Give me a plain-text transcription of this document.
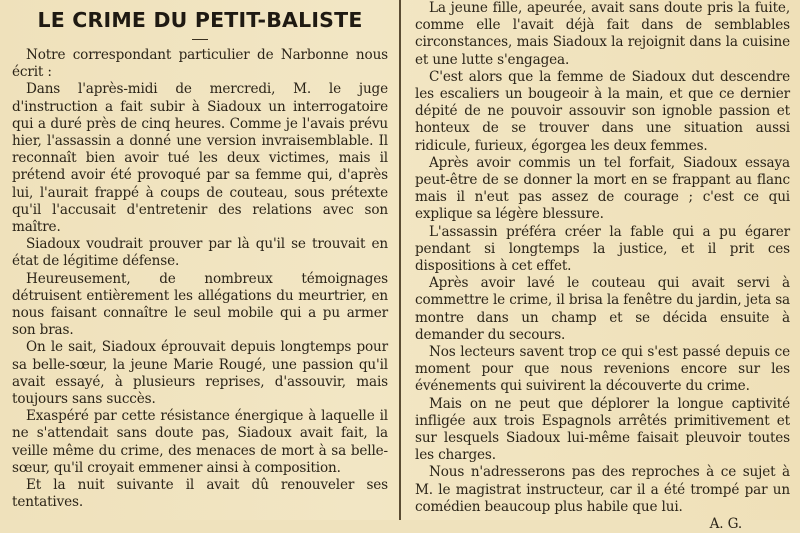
LE CRIME DU PETIT-BALISTE

Notre correspondant particulier de Narbonne nous écrit :

Dans l'après-midi de mercredi, M. le juge d'instruction a fait subir à Siadoux un interrogatoire qui a duré près de cinq heures. Comme je l'avais prévu hier, l'assassin a donné une version invraisemblable. Il reconnaît bien avoir tué les deux victimes, mais il prétend avoir été provoqué par sa femme qui, d'après lui, l'aurait frappé à coups de couteau, sous prétexte qu'il l'accusait d'entretenir des relations avec son maître.

Siadoux voudrait prouver par là qu'il se trouvait en état de légitime défense.

Heureusement, de nombreux témoignages détruisent entièrement les allégations du meurtrier, en nous faisant connaître le seul mobile qui a pu armer son bras.

On le sait, Siadoux éprouvait depuis longtemps pour sa belle-sœur, la jeune Marie Rougé, une passion qu'il avait essayé, à plusieurs reprises, d'assouvir, mais toujours sans succès.

Exaspéré par cette résistance énergique à laquelle il ne s'attendait sans doute pas, Siadoux avait fait, la veille même du crime, des menaces de mort à sa belle-sœur, qu'il croyait emmener ainsi à composition.

Et la nuit suivante il avait dû renouveler ses tentatives.

La jeune fille, apeurée, avait sans doute pris la fuite, comme elle l'avait déjà fait dans de semblables circonstances, mais Siadoux la rejoignit dans la cuisine et une lutte s'engagea.

C'est alors que la femme de Siadoux dut descendre les escaliers un bougeoir à la main, et que ce dernier dépité de ne pouvoir assouvir son ignoble passion et honteux de se trouver dans une situation aussi ridicule, furieux, égorgea les deux femmes.

Après avoir commis un tel forfait, Siadoux essaya peut-être de se donner la mort en se frappant au flanc mais il n'eut pas assez de courage ; c'est ce qui explique sa légère blessure.

L'assassin préféra créer la fable qui a pu égarer pendant si longtemps la justice, et il prit ces dispositions à cet effet.

Après avoir lavé le couteau qui avait servi à commettre le crime, il brisa la fenêtre du jardin, jeta sa montre dans un champ et se décida ensuite à demander du secours.

Nos lecteurs savent trop ce qui s'est passé depuis ce moment pour que nous revenions encore sur les événements qui suivirent la découverte du crime.

Mais on ne peut que déplorer la longue captivité infligée aux trois Espagnols arrêtés primitivement et sur lesquels Siadoux lui-même faisait pleuvoir toutes les charges.

Nous n'adresserons pas des reproches à ce sujet à M. le magistrat instructeur, car il a été trompé par un comédien beaucoup plus habile que lui.

A. G.
